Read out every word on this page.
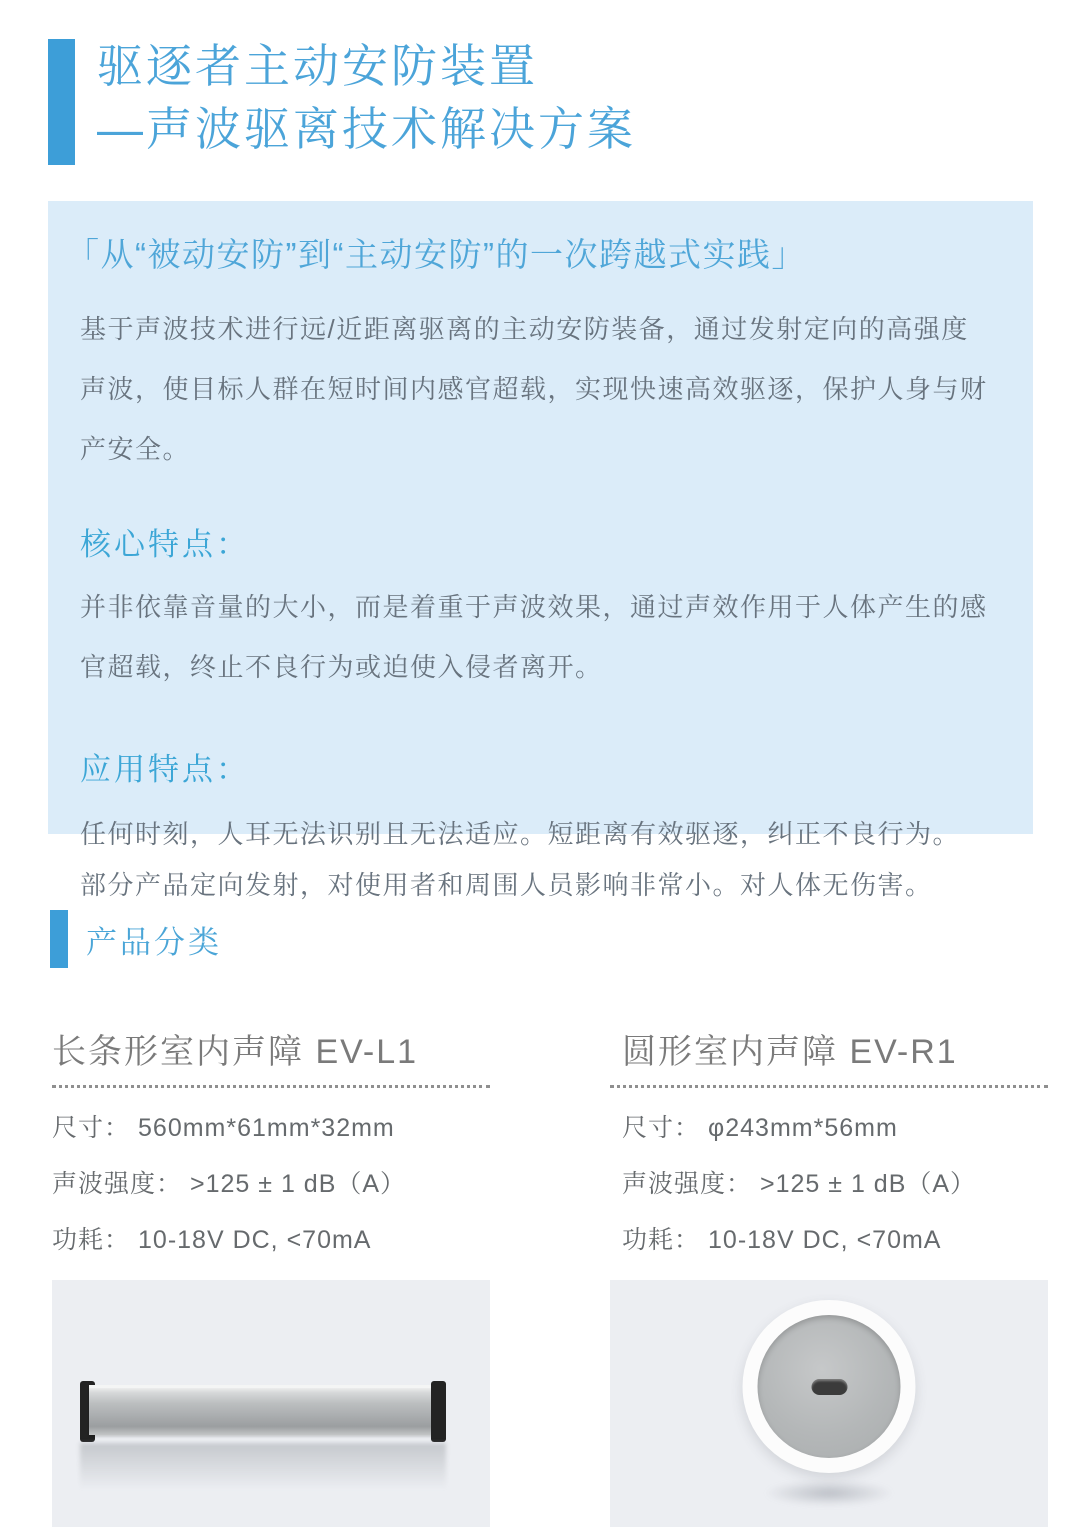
驱逐者主动安防装置
—声波驱离技术解决方案

「从“被动安防”到“主动安防”的一次跨越式实践」

基于声波技术进行远/近距离驱离的主动安防装备，通过发射定向的高强度声波，使目标人群在短时间内感官超载，实现快速高效驱逐，保护人身与财产安全。

核心特点：

并非依靠音量的大小，而是着重于声波效果，通过声效作用于人体产生的感官超载，终止不良行为或迫使入侵者离开。

应用特点：

任何时刻，人耳无法识别且无法适应。短距离有效驱逐，纠正不良行为。

部分产品定向发射，对使用者和周围人员影响非常小。对人体无伤害。

产品分类
长条形室内声障 EV-L1
尺寸： 560mm*61mm*32mm
声波强度： >125 ± 1 dB（A）
功耗： 10-18V DC, <70mA
圆形室内声障 EV-R1
尺寸： φ243mm*56mm
声波强度： >125 ± 1 dB（A）
功耗： 10-18V DC, <70mA
